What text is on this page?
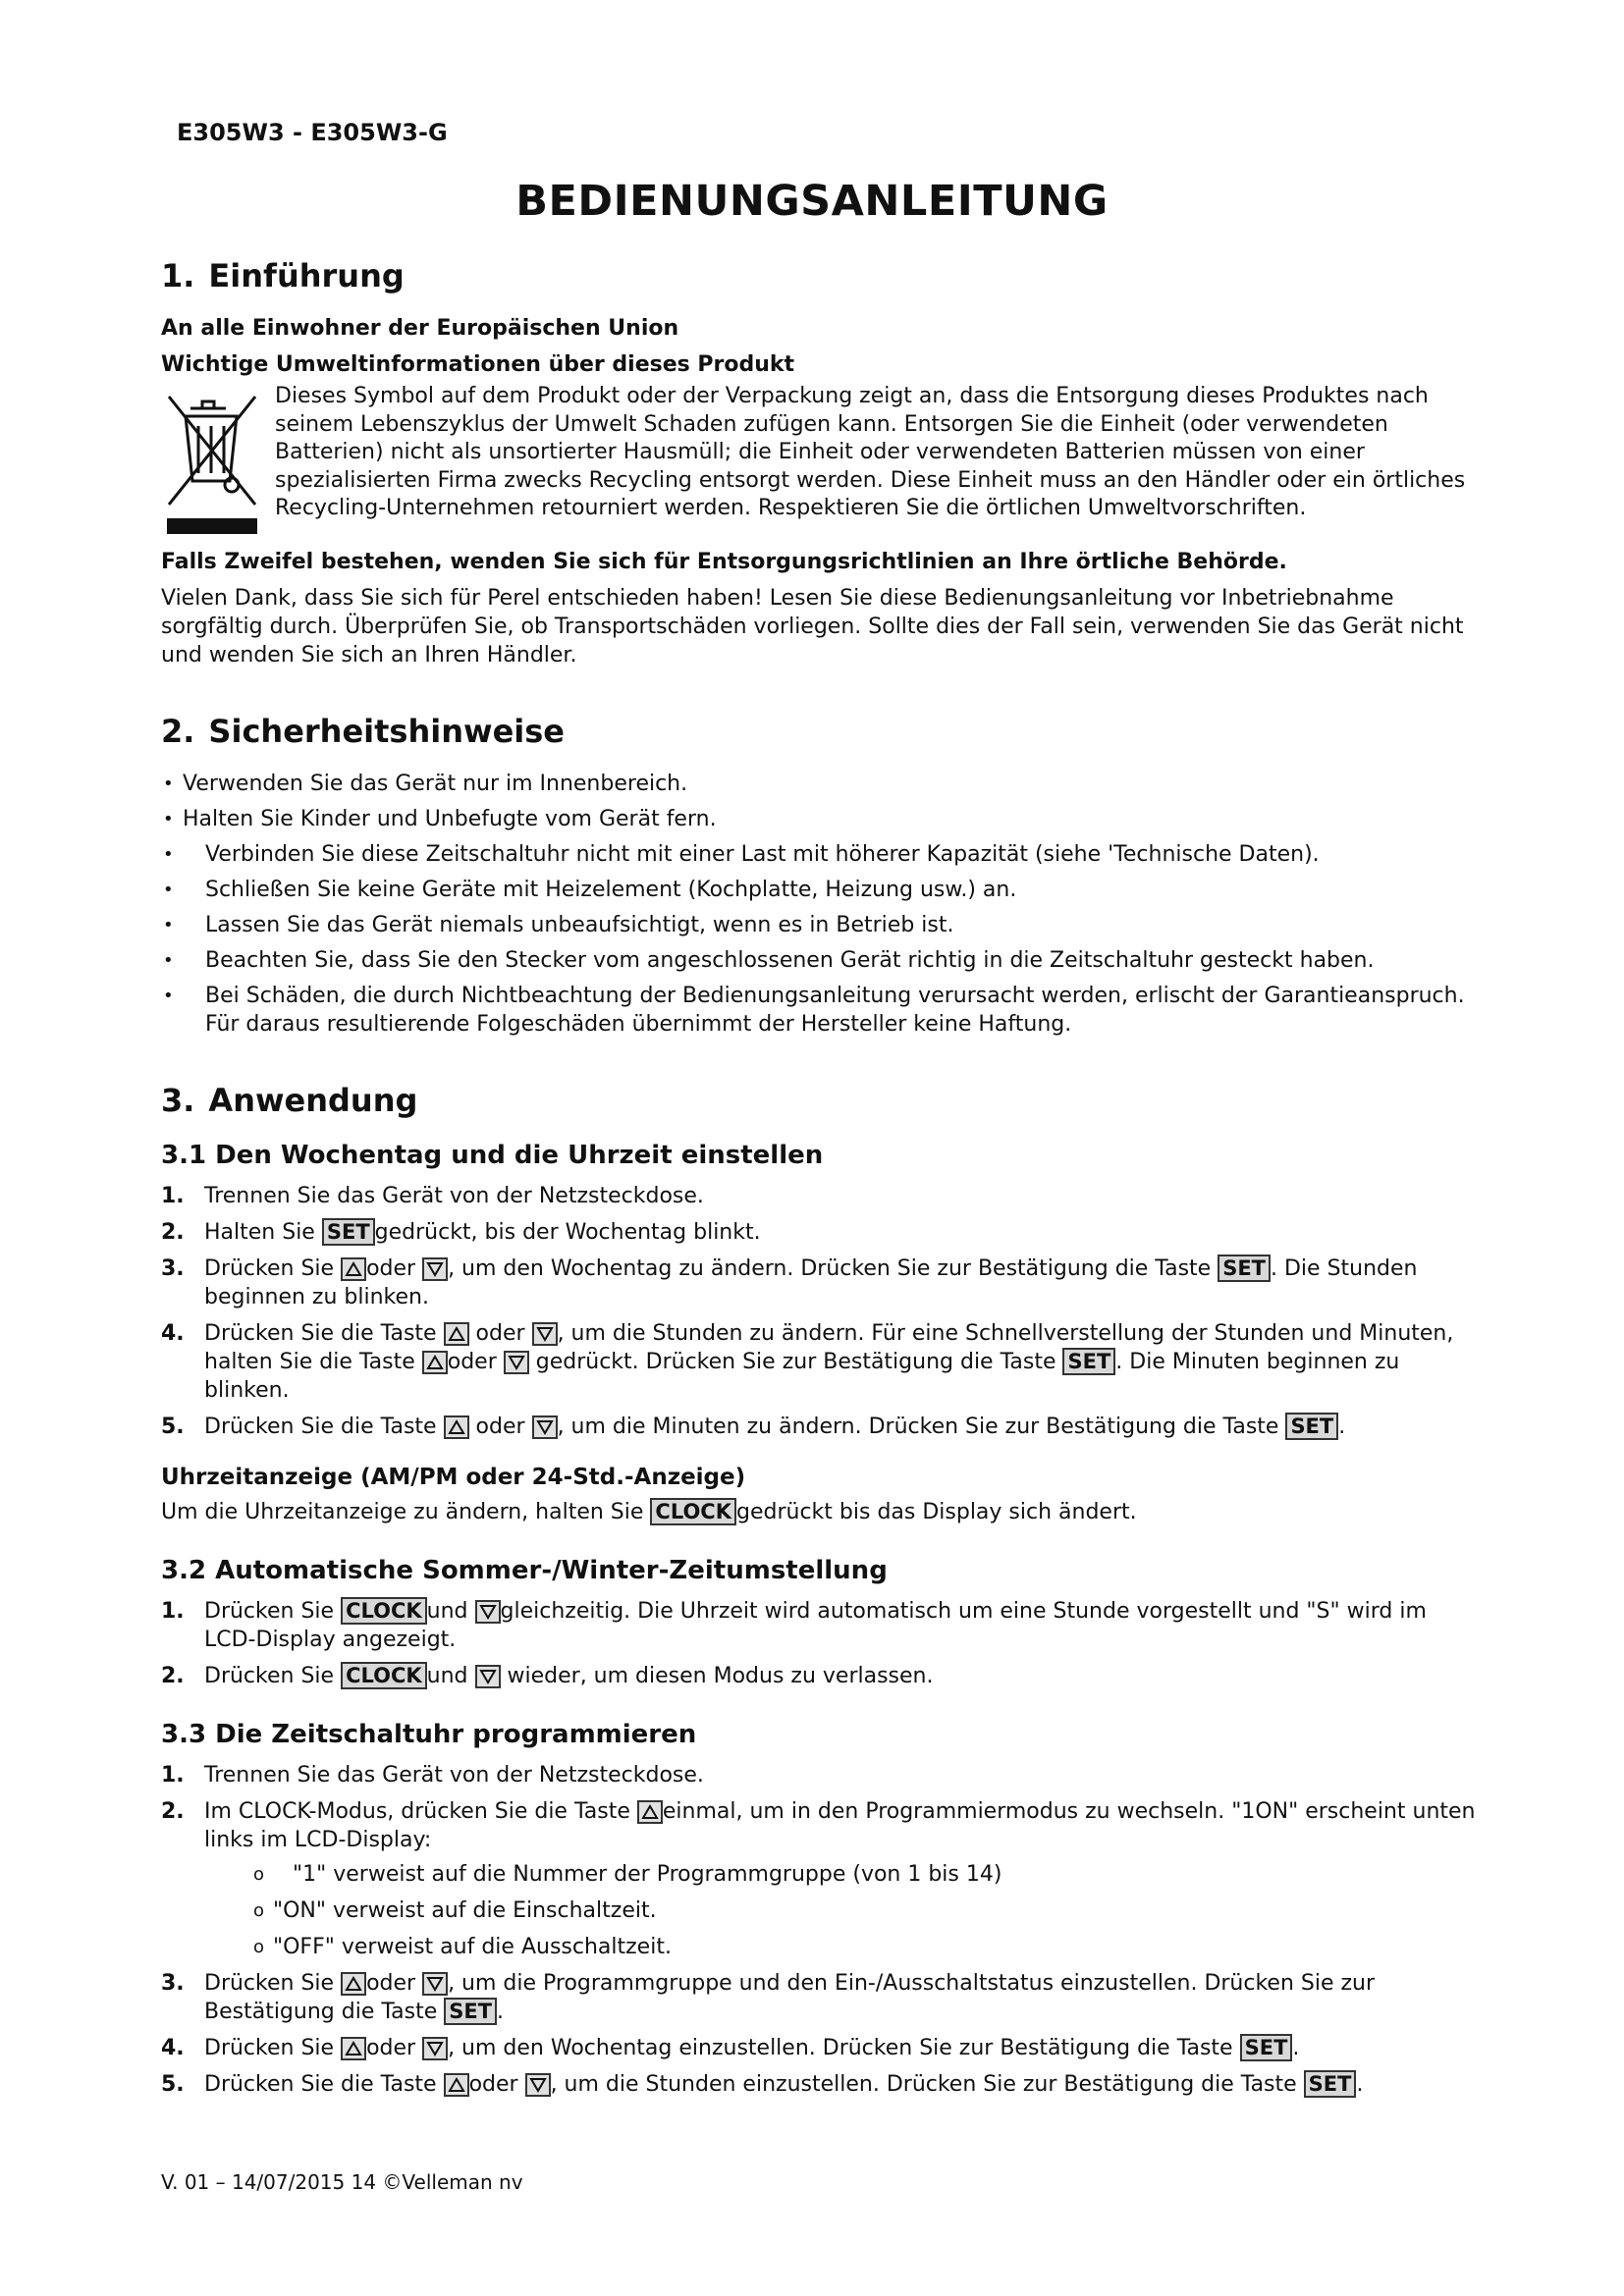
E305W3 - E305W3-G
BEDIENUNGSANLEITUNG
1. Einführung
An alle Einwohner der Europäischen Union
Wichtige Umweltinformationen über dieses Produkt
Dieses Symbol auf dem Produkt oder der Verpackung zeigt an, dass die Entsorgung dieses Produktes nach seinem Lebenszyklus der Umwelt Schaden zufügen kann. Entsorgen Sie die Einheit (oder verwendeten Batterien) nicht als unsortierter Hausmüll; die Einheit oder verwendeten Batterien müssen von einer spezialisierten Firma zwecks Recycling entsorgt werden. Diese Einheit muss an den Händler oder ein örtliches Recycling-Unternehmen retourniert werden. Respektieren Sie die örtlichen Umweltvorschriften.
Falls Zweifel bestehen, wenden Sie sich für Entsorgungsrichtlinien an Ihre örtliche Behörde.

Vielen Dank, dass Sie sich für Perel entschieden haben! Lesen Sie diese Bedienungsanleitung vor Inbetriebnahme sorgfältig durch. Überprüfen Sie, ob Transportschäden vorliegen. Sollte dies der Fall sein, verwenden Sie das Gerät nicht und wenden Sie sich an Ihren Händler.

2. Sicherheitshinweise
• Verwenden Sie das Gerät nur im Innenbereich.
• Halten Sie Kinder und Unbefugte vom Gerät fern.
• Verbinden Sie diese Zeitschaltuhr nicht mit einer Last mit höherer Kapazität (siehe 'Technische Daten).
• Schließen Sie keine Geräte mit Heizelement (Kochplatte, Heizung usw.) an.
• Lassen Sie das Gerät niemals unbeaufsichtigt, wenn es in Betrieb ist.
• Beachten Sie, dass Sie den Stecker vom angeschlossenen Gerät richtig in die Zeitschaltuhr gesteckt haben.
• Bei Schäden, die durch Nichtbeachtung der Bedienungsanleitung verursacht werden, erlischt der Garantieanspruch. Für daraus resultierende Folgeschäden übernimmt der Hersteller keine Haftung.
3. Anwendung
3.1 Den Wochentag und die Uhrzeit einstellen
1. Trennen Sie das Gerät von der Netzsteckdose.
2. Halten Sie SET gedrückt, bis der Wochentag blinkt.
3. Drücken Sie
oder
, um den Wochentag zu ändern. Drücken Sie zur Bestätigung die Taste SET . Die Stunden beginnen zu blinken.
4. Drücken Sie die Taste
oder
, um die Stunden zu ändern. Für eine Schnellverstellung der Stunden und Minuten, halten Sie die Taste
oder
gedrückt. Drücken Sie zur Bestätigung die Taste SET . Die Minuten beginnen zu blinken.
5. Drücken Sie die Taste
oder
, um die Minuten zu ändern. Drücken Sie zur Bestätigung die Taste SET .
Uhrzeitanzeige (AM/PM oder 24-Std.-Anzeige)

Um die Uhrzeitanzeige zu ändern, halten Sie CLOCK gedrückt bis das Display sich ändert.

3.2 Automatische Sommer-/Winter-Zeitumstellung
1. Drücken Sie CLOCK und
gleichzeitig. Die Uhrzeit wird automatisch um eine Stunde vorgestellt und "S" wird im LCD-Display angezeigt.
2. Drücken Sie CLOCK und
wieder, um diesen Modus zu verlassen.
3.3 Die Zeitschaltuhr programmieren
1. Trennen Sie das Gerät von der Netzsteckdose.
2. Im CLOCK-Modus, drücken Sie die Taste
einmal, um in den Programmiermodus zu wechseln. "1ON" erscheint unten links im LCD-Display:
o "1" verweist auf die Nummer der Programmgruppe (von 1 bis 14)
o "ON" verweist auf die Einschaltzeit.
o "OFF" verweist auf die Ausschaltzeit.
3. Drücken Sie
oder
, um die Programmgruppe und den Ein-/Ausschaltstatus einzustellen. Drücken Sie zur Bestätigung die Taste SET .
4. Drücken Sie
oder
, um den Wochentag einzustellen. Drücken Sie zur Bestätigung die Taste SET .
5. Drücken Sie die Taste
oder
, um die Stunden einzustellen. Drücken Sie zur Bestätigung die Taste SET .
V. 01 – 14/07/2015 14 ©Velleman nv
